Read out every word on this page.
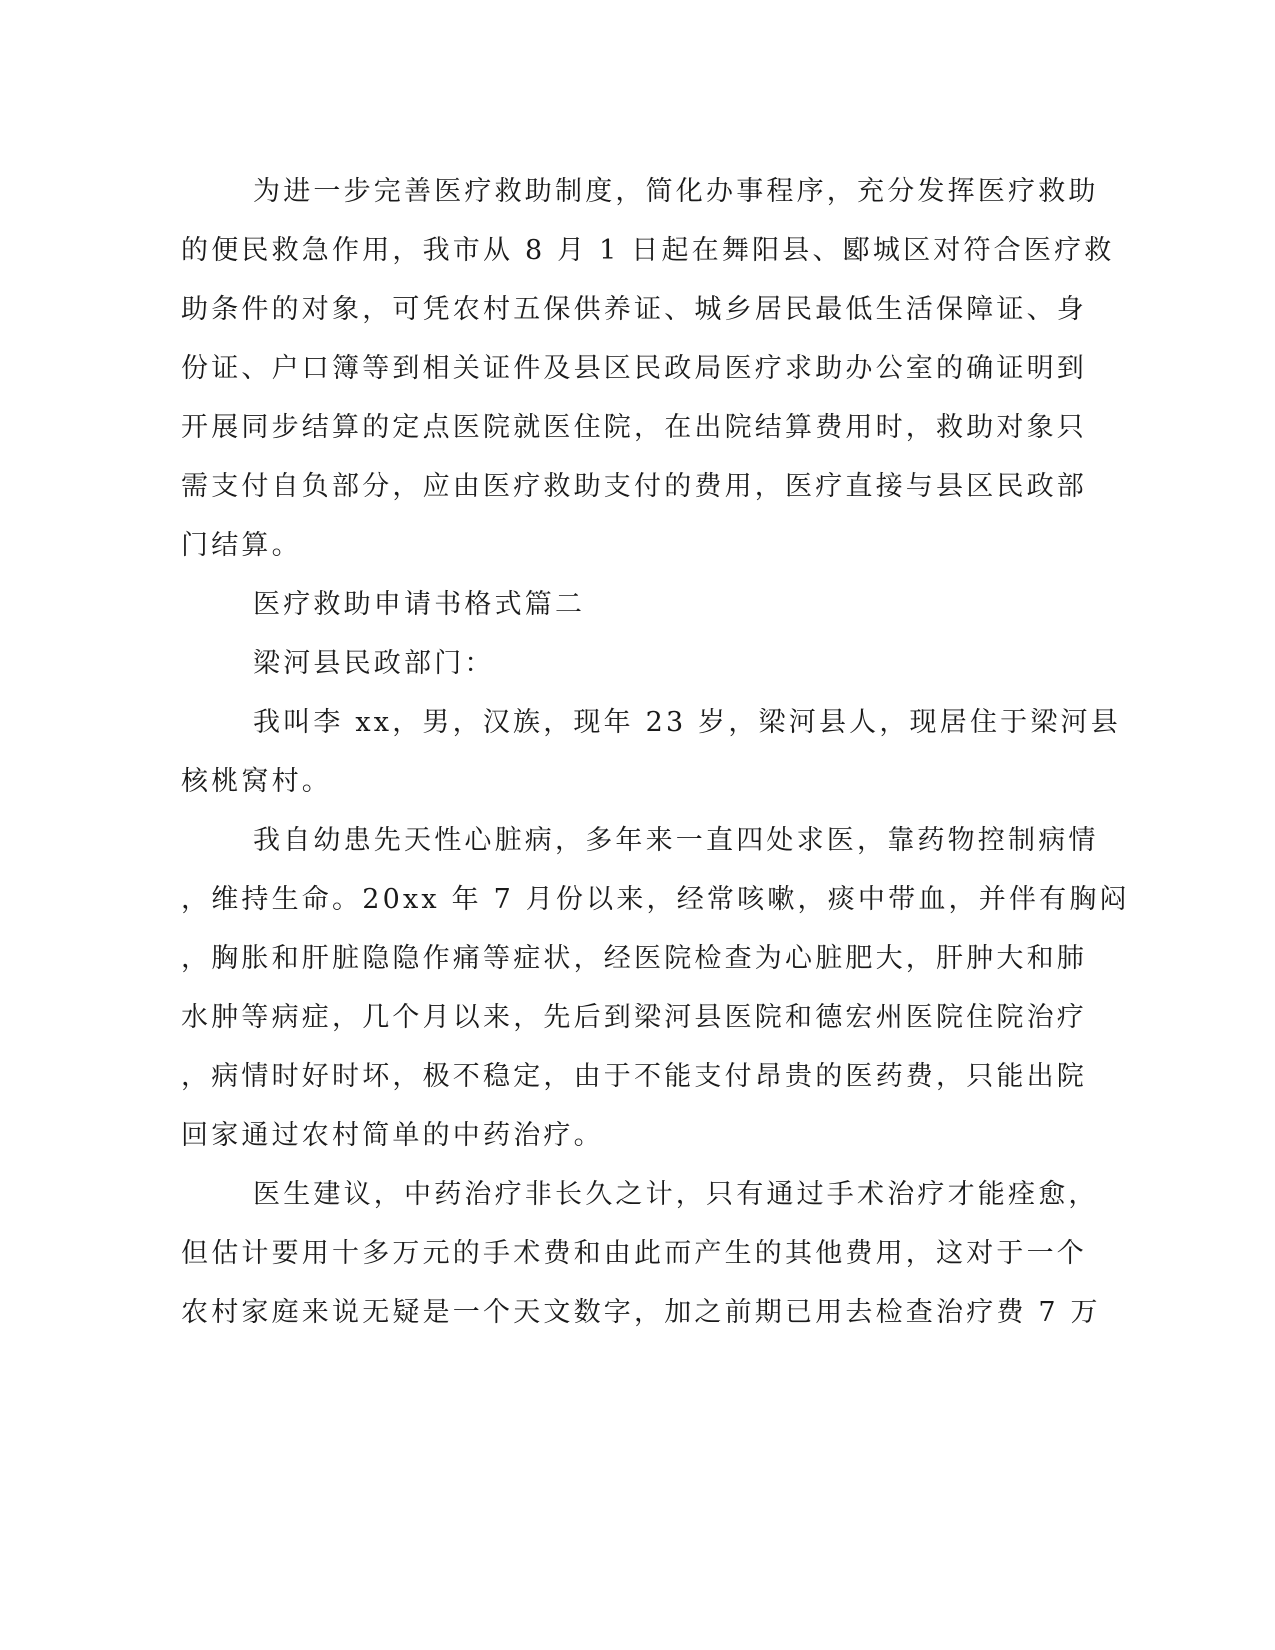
为进一步完善医疗救助制度，简化办事程序，充分发挥医疗救助
的便民救急作用，我市从 8 月 1 日起在舞阳县、郾城区对符合医疗救
助条件的对象，可凭农村五保供养证、城乡居民最低生活保障证、身
份证、户口簿等到相关证件及县区民政局医疗求助办公室的确证明到
开展同步结算的定点医院就医住院，在出院结算费用时，救助对象只
需支付自负部分，应由医疗救助支付的费用，医疗直接与县区民政部
门结算。
医疗救助申请书格式篇二
梁河县民政部门：
我叫李 xx，男，汉族，现年 23 岁，梁河县人，现居住于梁河县
核桃窝村。
我自幼患先天性心脏病，多年来一直四处求医，靠药物控制病情
，维持生命。20xx 年 7 月份以来，经常咳嗽，痰中带血，并伴有胸闷
，胸胀和肝脏隐隐作痛等症状，经医院检查为心脏肥大，肝肿大和肺
水肿等病症，几个月以来，先后到梁河县医院和德宏州医院住院治疗
，病情时好时坏，极不稳定，由于不能支付昂贵的医药费，只能出院
回家通过农村简单的中药治疗。
医生建议，中药治疗非长久之计，只有通过手术治疗才能痊愈，
但估计要用十多万元的手术费和由此而产生的其他费用，这对于一个
农村家庭来说无疑是一个天文数字，加之前期已用去检查治疗费 7 万
